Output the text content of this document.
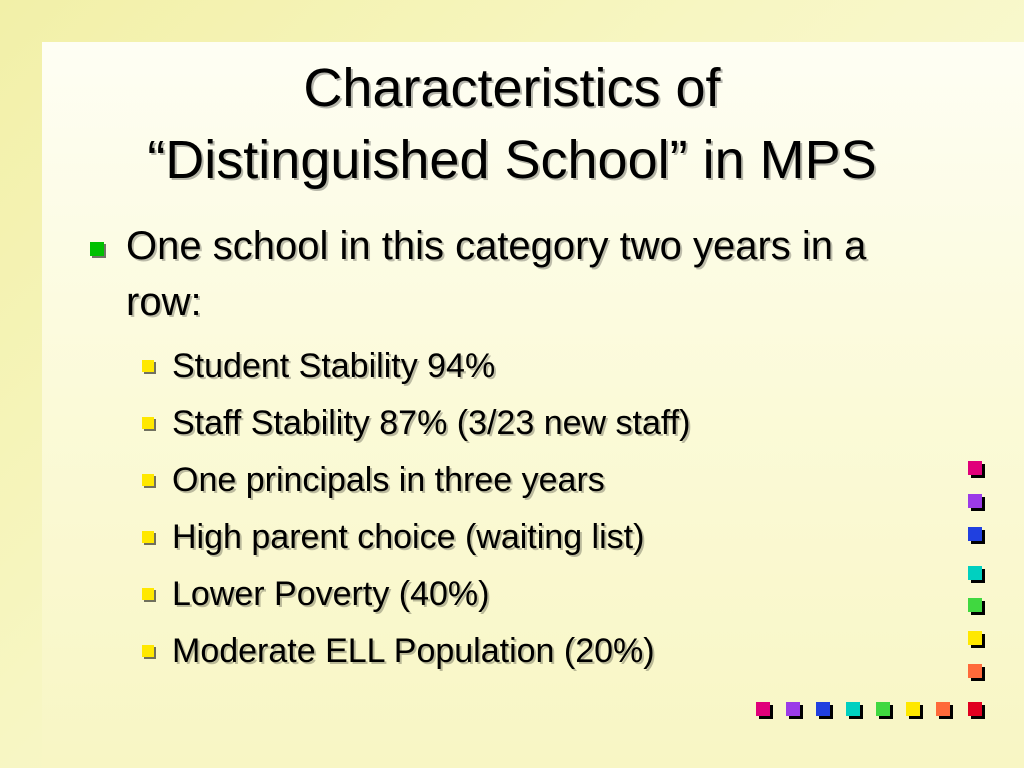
Characteristics of
“Distinguished School” in MPS
One school in this category two years in a row:
Student Stability 94%
Staff Stability 87% (3/23 new staff)
One principals in three years
High parent choice (waiting list)
Lower Poverty (40%)
Moderate ELL Population (20%)
